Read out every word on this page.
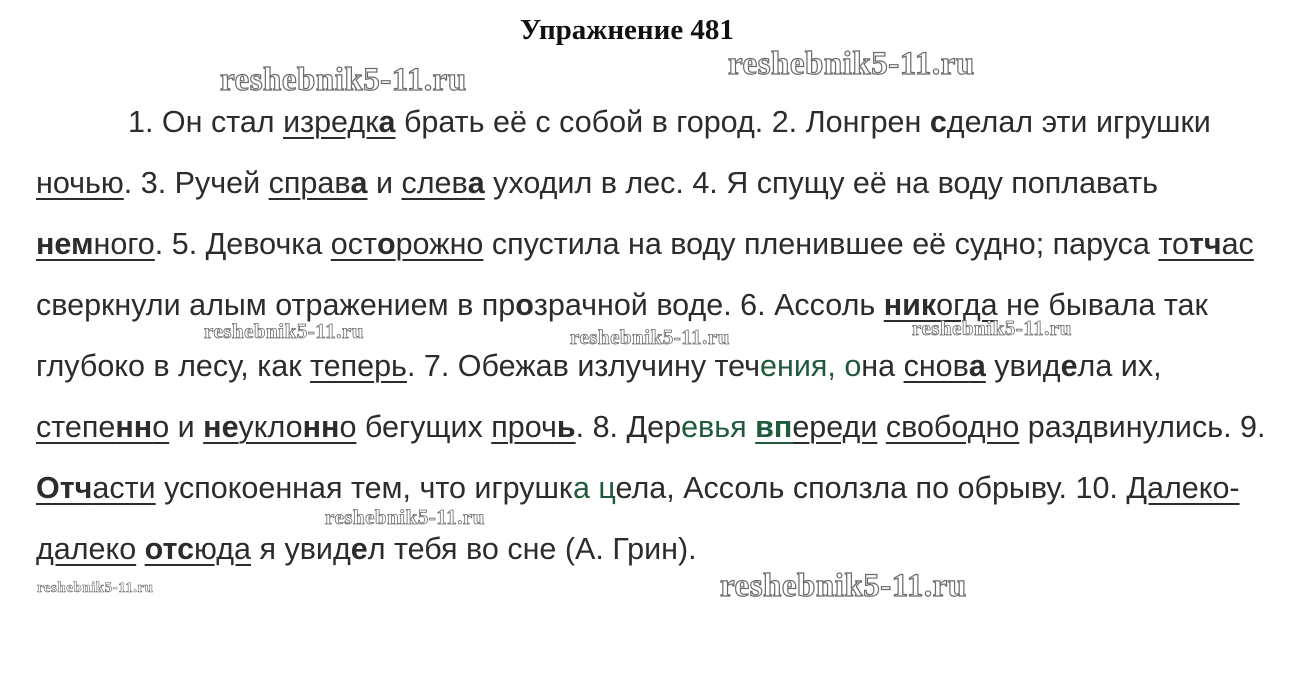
Упражнение 481

1. Он стал изредка брать её с собой в город. 2. Лонгрен сделал эти игрушки ночью. 3. Ручей справа и слева уходил в лес. 4. Я спущу её на воду поплавать немного. 5. Девочка осторожно спустила на воду пленившее её судно; паруса тотчас сверкнули алым отражением в прозрачной воде. 6. Ассоль никогда не бывала так глубоко в лесу, как теперь. 7. Обежав излучину течения, она снова увидела их, степенно и неуклонно бегущих прочь. 8. Деревья впереди свободно раздвинулись. 9. Отчасти успокоенная тем, что игрушка цела, Ассоль сползла по обрыву. 10. Далеко-далеко отсюда я увидел тебя во сне (А. Грин).

reshebnik5-11.ru	reshebnik5-11.ru
reshebnik5-11.ru	reshebnik5-11.ru	reshebnik5-11.ru
reshebnik5-11.ru
reshebnik5-11.ru	reshebnik5-11.ru
